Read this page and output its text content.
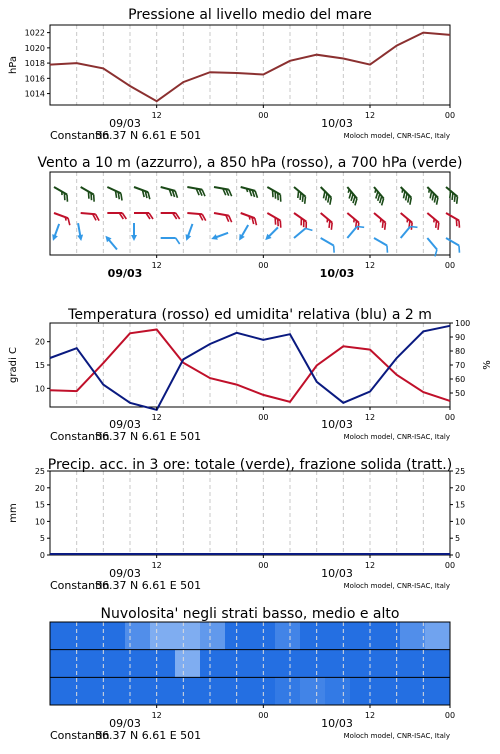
Pressione al livello medio del mare
1014
1016
1018
1020
1022
hPa
12	00	12	00
09/03	10/03
Constantin
36.37 N 6.61 E 501	Moloch model, CNR-ISAC, Italy
Vento a 10 m (azzurro), a 850 hPa (rosso), a 700 hPa (verde)
12	00	12	00
09/03	10/03
Temperatura (rosso) ed umidita' relativa (blu) a 2 m
10
15
20
50
60
70
80
90
100
gradi C	%
12	00	12	00
09/03	10/03
Constantin
36.37 N 6.61 E 501	Moloch model, CNR-ISAC, Italy
Precip. acc. in 3 ore: totale (verde), frazione solida (tratt.)
0
5
10
15
20
25
0
5
10
15
20
25
mm
12	00	12	00
09/03	10/03
Constantin
36.37 N 6.61 E 501	Moloch model, CNR-ISAC, Italy
Nuvolosita' negli strati basso, medio e alto
12	00	12	00
09/03	10/03
Constantin
36.37 N 6.61 E 501	Moloch model, CNR-ISAC, Italy
